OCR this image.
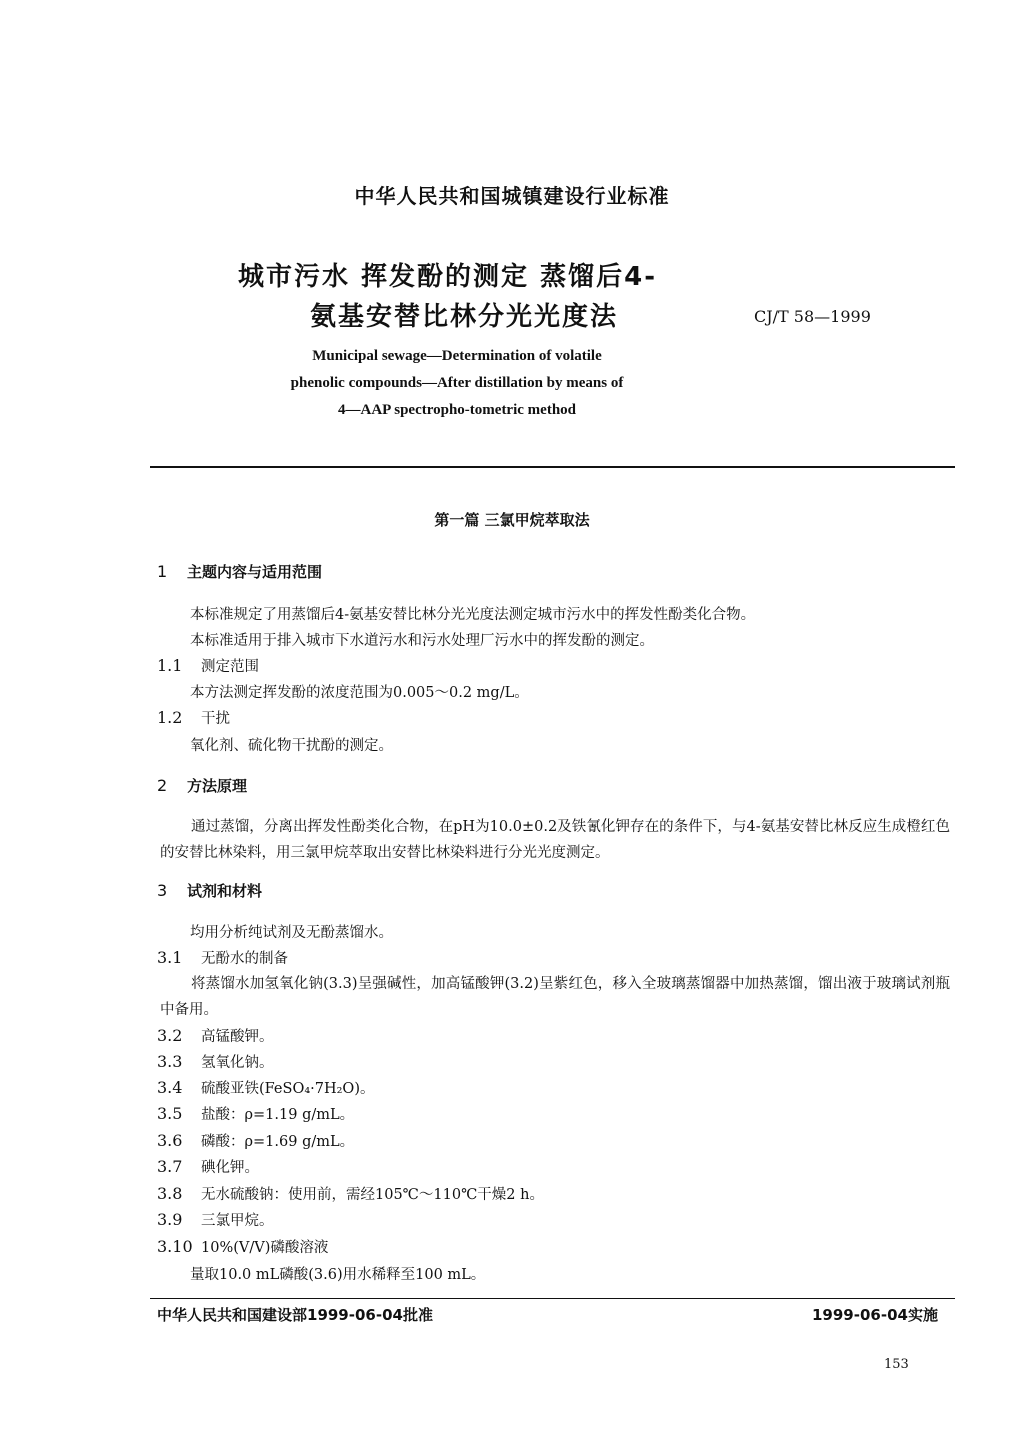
中华人民共和国城镇建设行业标准
城市污水 挥发酚的测定 蒸馏后4-
氨基安替比林分光光度法	CJ/T 58—1999
Municipal sewage—Determination of volatile
phenolic compounds—After distillation by means of
4—AAP spectropho-tometric method
第一篇 三氯甲烷萃取法
1 主题内容与适用范围
本标准规定了用蒸馏后4-氨基安替比林分光光度法测定城市污水中的挥发性酚类化合物。
本标准适用于排入城市下水道污水和污水处理厂污水中的挥发酚的测定。
1.1 测定范围
本方法测定挥发酚的浓度范围为0.005～0.2 mg/L。
1.2 干扰
氧化剂、硫化物干扰酚的测定。
2 方法原理
通过蒸馏，分离出挥发性酚类化合物，在pH为10.0±0.2及铁氰化钾存在的条件下，与4-氨基安替比林反应生成橙红色的安替比林染料，用三氯甲烷萃取出安替比林染料进行分光光度测定。
3 试剂和材料
均用分析纯试剂及无酚蒸馏水。
3.1 无酚水的制备
将蒸馏水加氢氧化钠(3.3)呈强碱性，加高锰酸钾(3.2)呈紫红色，移入全玻璃蒸馏器中加热蒸馏，馏出液于玻璃试剂瓶中备用。
3.2 高锰酸钾。
3.3 氢氧化钠。
3.4 硫酸亚铁(FeSO₄·7H₂O)。
3.5 盐酸：ρ=1.19 g/mL。
3.6 磷酸：ρ=1.69 g/mL。
3.7 碘化钾。
3.8 无水硫酸钠：使用前，需经105℃～110℃干燥2 h。
3.9 三氯甲烷。
3.10 10%(V/V)磷酸溶液
量取10.0 mL磷酸(3.6)用水稀释至100 mL。
中华人民共和国建设部1999-06-04批准	1999-06-04实施
153
